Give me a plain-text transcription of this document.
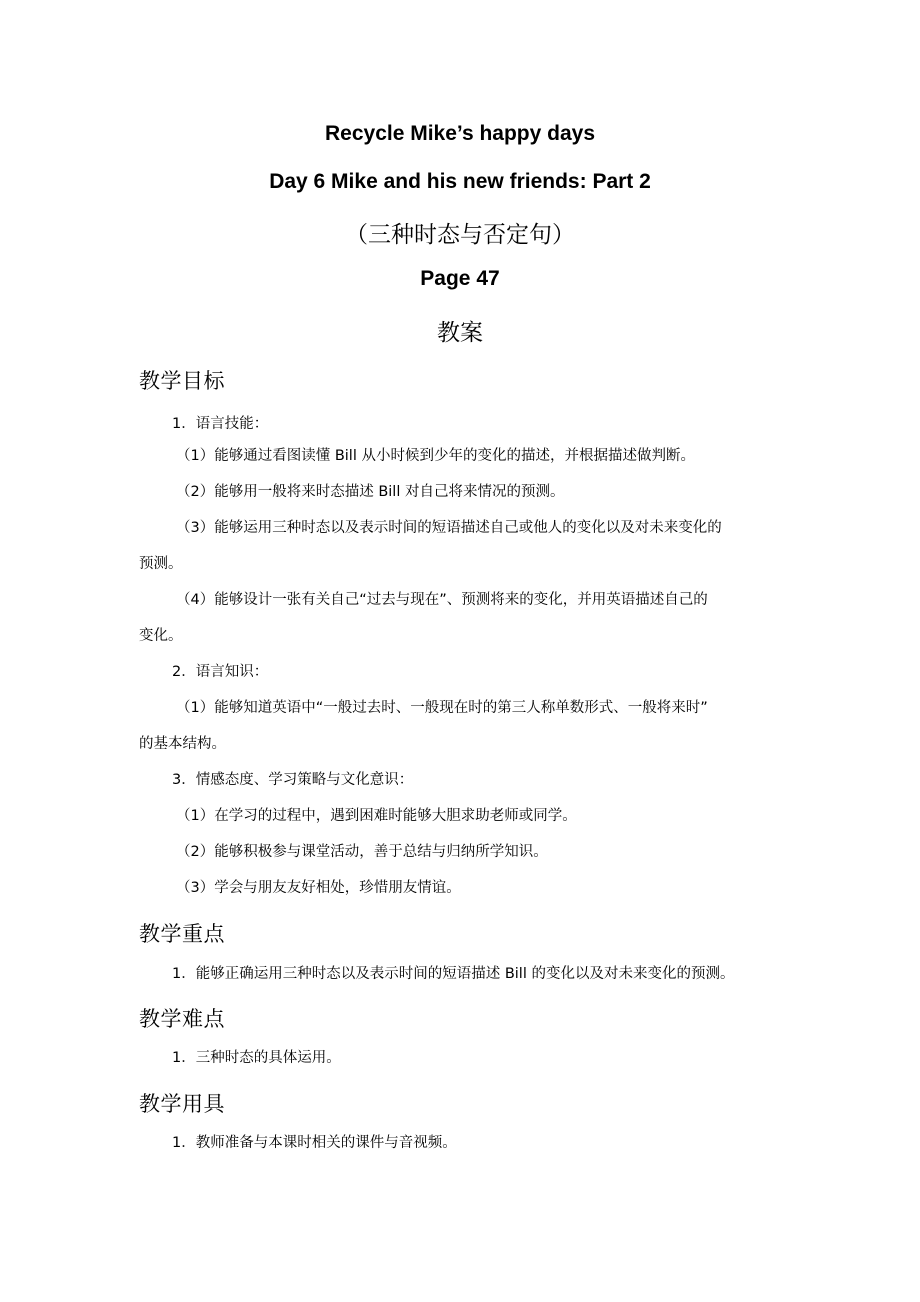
Recycle Mike’s happy days
Day 6 Mike and his new friends: Part 2
（三种时态与否定句）
Page 47
教案
教学目标
1．语言技能：
（1）能够通过看图读懂 Bill 从小时候到少年的变化的描述，并根据描述做判断。
（2）能够用一般将来时态描述 Bill 对自己将来情况的预测。
（3）能够运用三种时态以及表示时间的短语描述自己或他人的变化以及对未来变化的
预测。
（4）能够设计一张有关自己“过去与现在”、预测将来的变化，并用英语描述自己的
变化。
2．语言知识：
（1）能够知道英语中“一般过去时、一般现在时的第三人称单数形式、一般将来时”
的基本结构。
3．情感态度、学习策略与文化意识：
（1）在学习的过程中，遇到困难时能够大胆求助老师或同学。
（2）能够积极参与课堂活动，善于总结与归纳所学知识。
（3）学会与朋友友好相处，珍惜朋友情谊。
教学重点
1．能够正确运用三种时态以及表示时间的短语描述 Bill 的变化以及对未来变化的预测。
教学难点
1．三种时态的具体运用。
教学用具
1．教师准备与本课时相关的课件与音视频。
